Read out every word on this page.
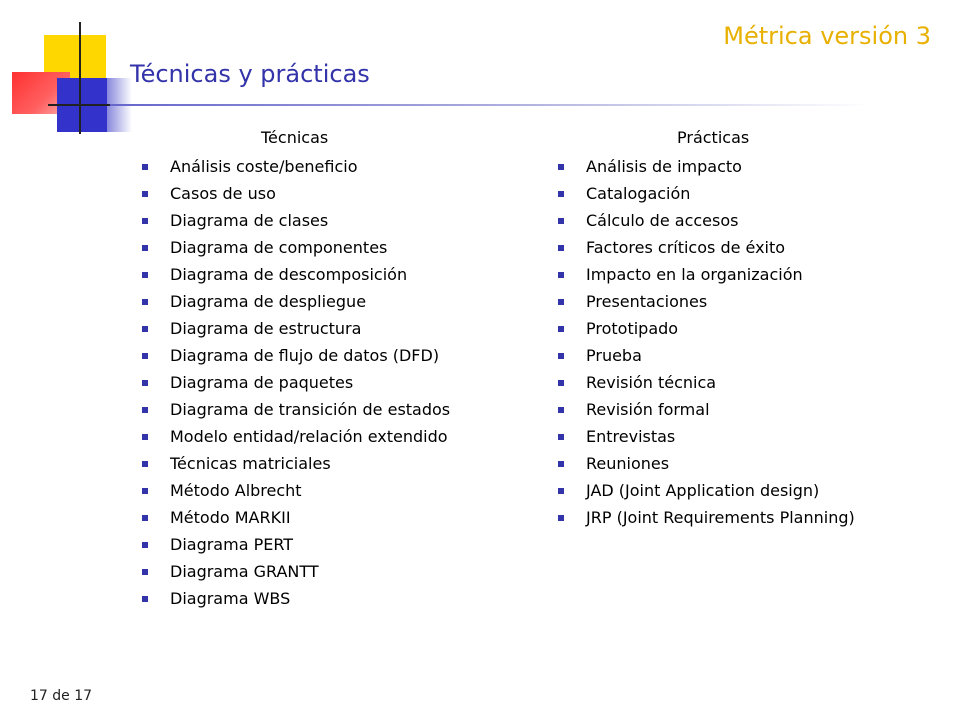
Métrica versión 3
Técnicas y prácticas
Técnicas
Análisis coste/beneficio
Casos de uso
Diagrama de clases
Diagrama de componentes
Diagrama de descomposición
Diagrama de despliegue
Diagrama de estructura
Diagrama de flujo de datos (DFD)
Diagrama de paquetes
Diagrama de transición de estados
Modelo entidad/relación extendido
Técnicas matriciales
Método Albrecht
Método MARKII
Diagrama PERT
Diagrama GRANTT
Diagrama WBS
Prácticas
Análisis de impacto
Catalogación
Cálculo de accesos
Factores críticos de éxito
Impacto en la organización
Presentaciones
Prototipado
Prueba
Revisión técnica
Revisión formal
Entrevistas
Reuniones
JAD (Joint Application design)
JRP (Joint Requirements Planning)
17 de 17
